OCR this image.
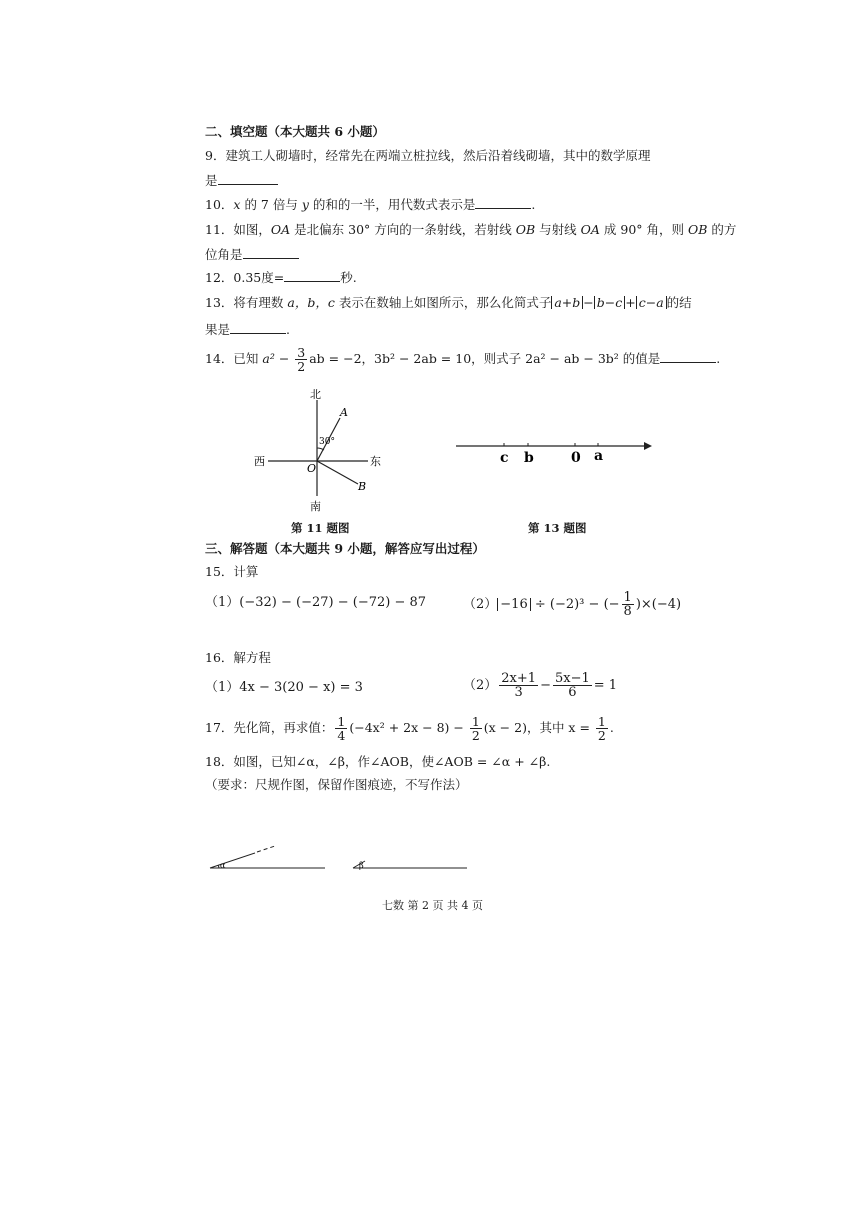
二、填空题（本大题共 6 小题）
9．建筑工人砌墙时，经常先在两端立桩拉线，然后沿着线砌墙，其中的数学原理
是
10．x 的 7 倍与 y 的和的一半，用代数式表示是	.
11．如图，OA 是北偏东 30° 方向的一条射线，若射线 OB 与射线 OA 成 90° 角，则 OB 的方
位角是
12．0.35度=	秒.
13．将有理数 a，b，c 表示在数轴上如图所示，那么化简式子 a+b − b−c + c−a 的结
果是	.
14．已知 $a^2 - \frac{3}{2}$ ab = −2，3b² − 2ab = 10，则式子 2a² − ab − 3b² 的值是	.
北
南
西	东
A
B
O
30°
第 11 题图
c b	0 a
第 13 题图
三、解答题（本大题共 9 小题，解答应写出过程）
15．计算
（1）(−32) − (−27) − (−72) − 87	（2） −16 ÷ (−2)³ − (− $\frac{1}{8} )\times(-4)$
16．解方程
（1）4x − 3(20 − x) = 3	$(2) \frac{2x+1}{3} - \frac{5x-1}{6} = 1$
17．先化简，再求值： $\frac{1}{4} (-4x^2 + 2x - 8) - \frac{1}{2} (x - 2)$，其中 $x = \frac{1}{2}$ .
18．如图，已知∠α，∠β，作∠AOB，使∠AOB = ∠α + ∠β.
（要求：尺规作图，保留作图痕迹，不写作法）
α	β
七数 第 2 页 共 4 页
